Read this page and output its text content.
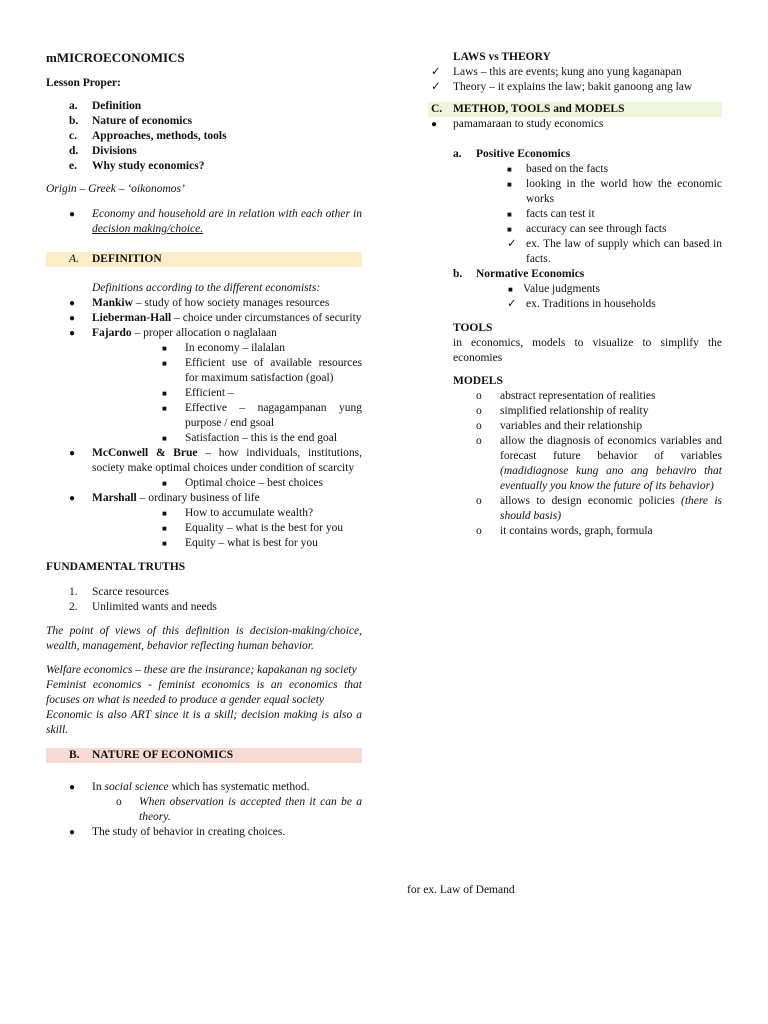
mMICROECONOMICS
Lesson Proper:
a. Definition
b. Nature of economics
c. Approaches, methods, tools
d. Divisions
e. Why study economics?
Origin – Greek – ‘oikonomos’
● Economy and household are in relation with each other in decision making/choice.
A. DEFINITION
Definitions according to the different economists:
● Mankiw – study of how society manages resources
● Lieberman-Hall – choice under circumstances of security
● Fajardo – proper allocation o naglalaan
■ In economy – ilalalan
■ Efficient use of available resources for maximum satisfaction (goal)
■ Efficient –
■ Effective – nagagampanan yung purpose / end gsoal
■ Satisfaction – this is the end goal
● McConwell & Brue – how individuals, institutions, society make optimal choices under condition of scarcity
■ Optimal choice – best choices
● Marshall – ordinary business of life
■ How to accumulate wealth?
■ Equality – what is the best for you
■ Equity – what is best for you
FUNDAMENTAL TRUTHS
1. Scarce resources
2. Unlimited wants and needs
The point of views of this definition is decision-making/choice, wealth, management, behavior reflecting human behavior.
Welfare economics – these are the insurance; kapakanan ng society
Feminist economics - feminist economics is an economics that focuses on what is needed to produce a gender equal society
Economic is also ART since it is a skill; decision making is also a skill.
B. NATURE OF ECONOMICS
● In social science which has systematic method.
o When observation is accepted then it can be a theory.
● The study of behavior in creating choices.
LAWS vs THEORY
✓ Laws – this are events; kung ano yung kaganapan
✓ Theory – it explains the law; bakit ganoong ang law
C. METHOD, TOOLS and MODELS
● pamamaraan to study economics
a. Positive Economics
■ based on the facts
■ looking in the world how the economic works
■ facts can test it
■ accuracy can see through facts
✓ ex. The law of supply which can based in facts.
b. Normative Economics
■ Value judgments
✓ ex. Traditions in households
TOOLS
in economics, models to visualize to simplify the economies
MODELS
o abstract representation of realities
o simplified relationship of reality
o variables and their relationship
o allow the diagnosis of economics variables and forecast future behavior of variables (madidiagnose kung ano ang behaviro that eventually you know the future of its behavior)
o allows to design economic policies (there is should basis)
o it contains words, graph, formula
for ex. Law of Demand
